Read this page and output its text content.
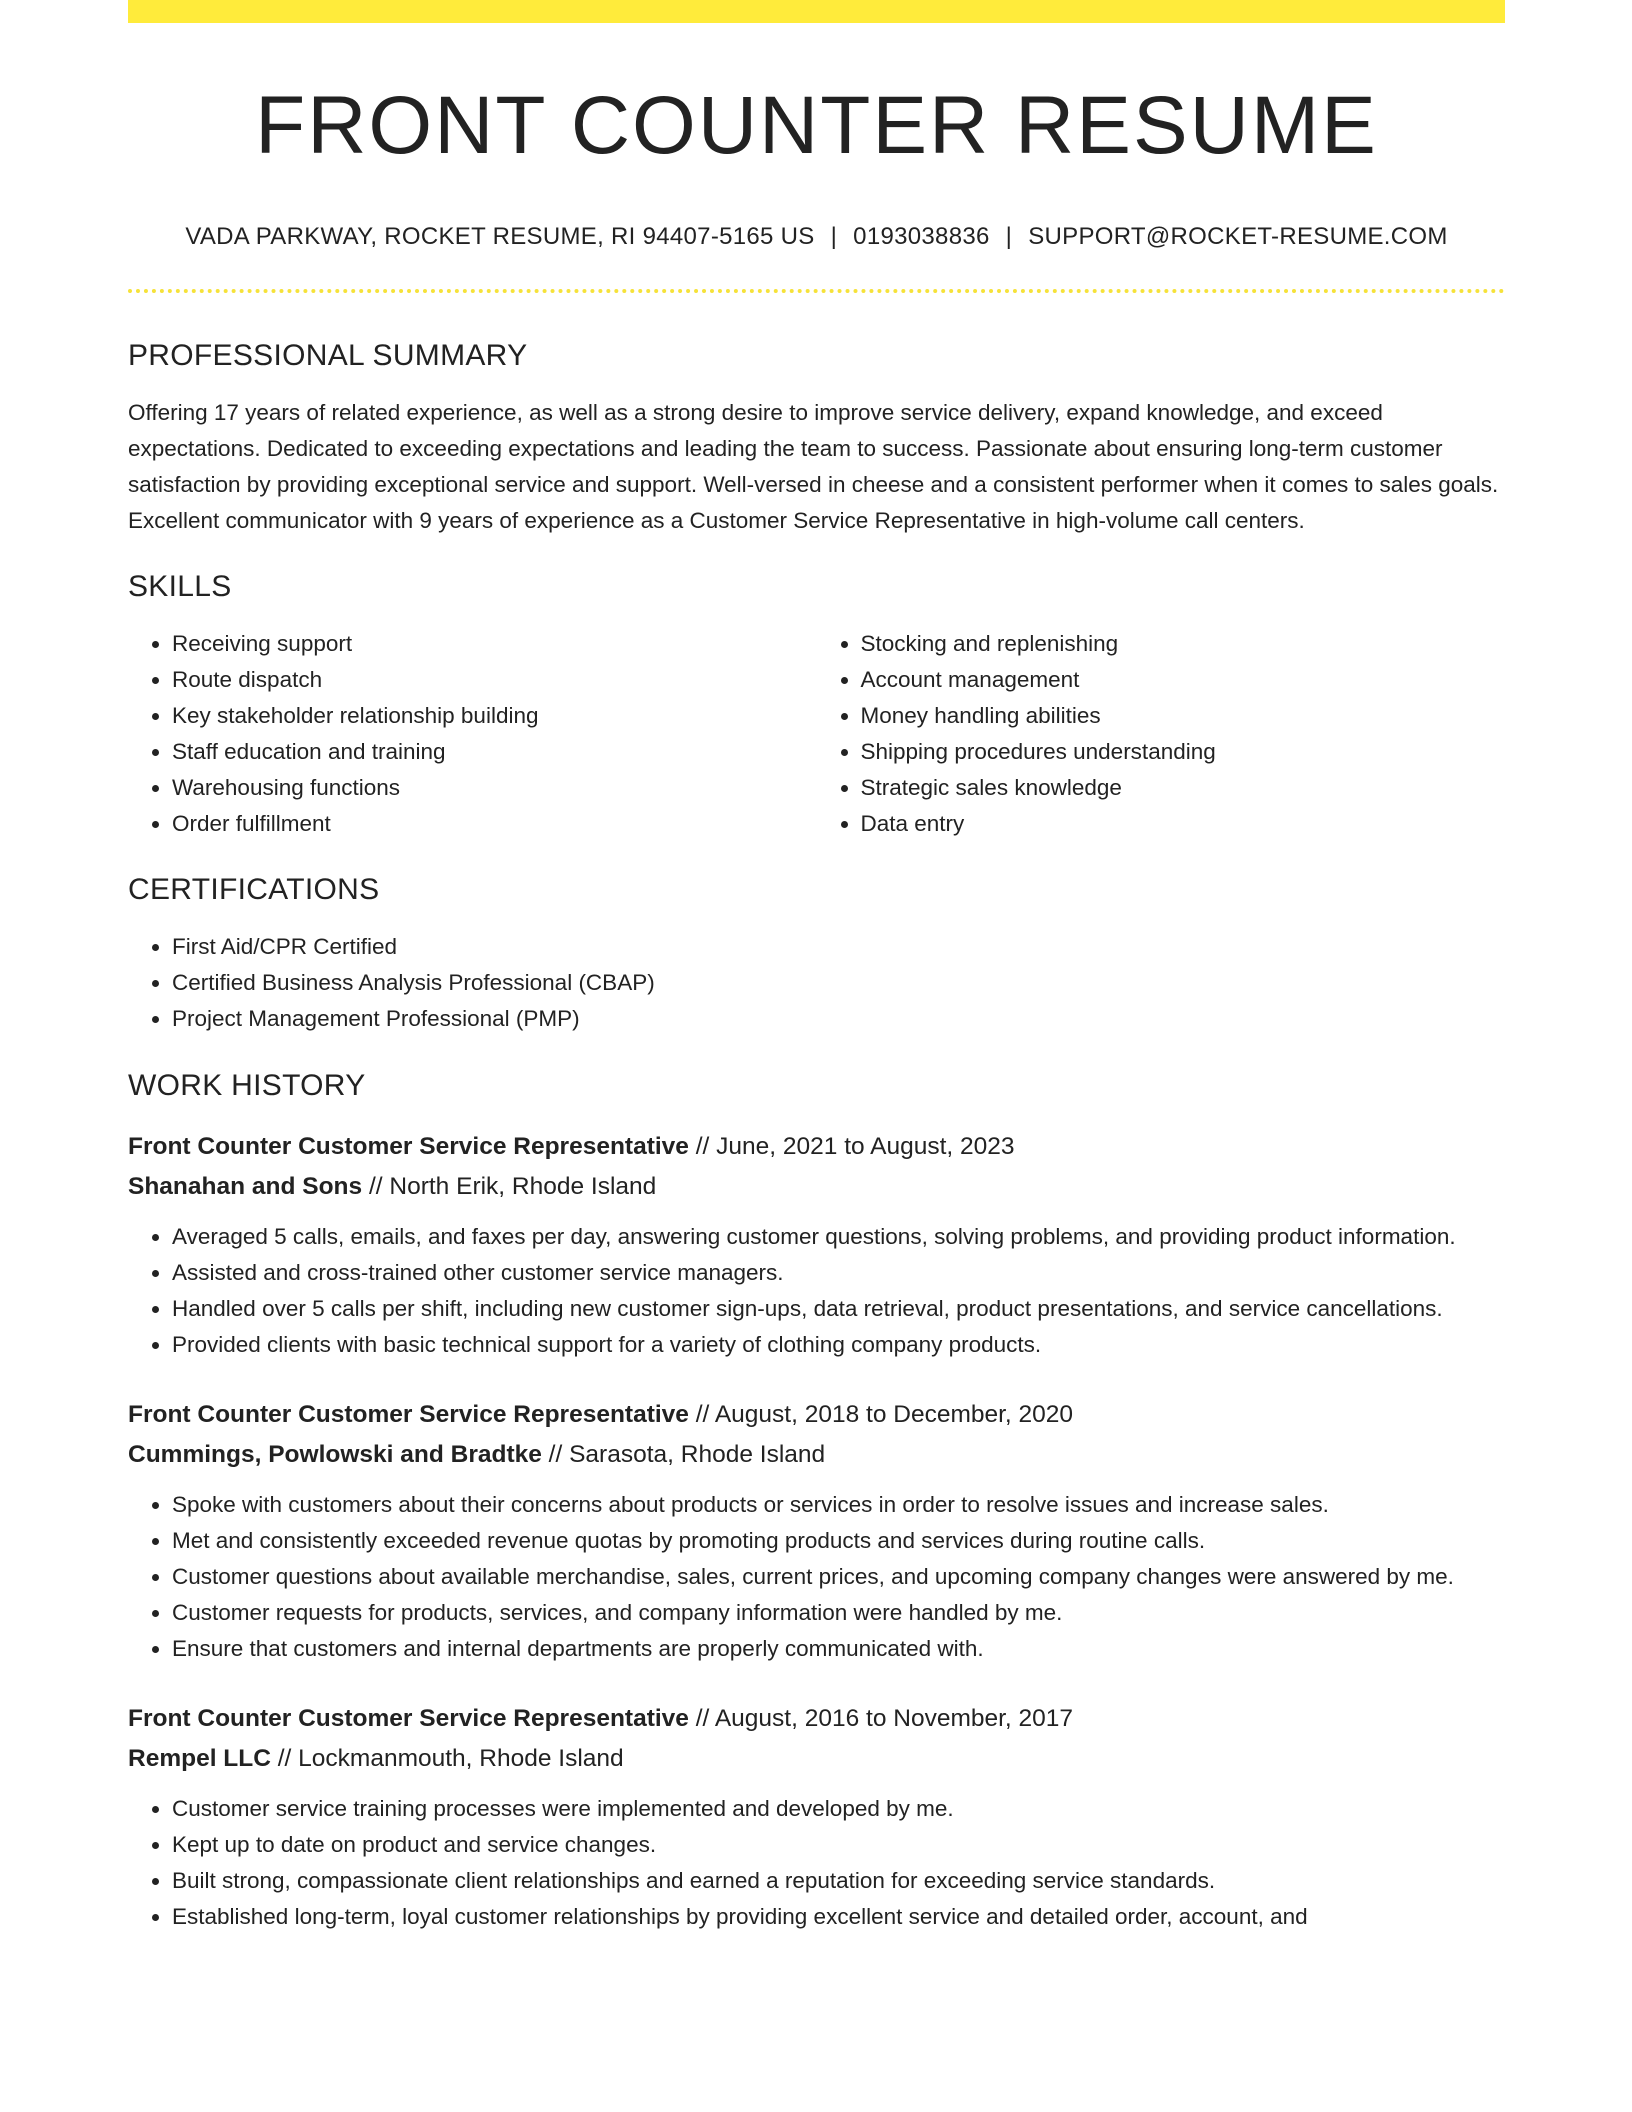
FRONT COUNTER RESUME
VADA PARKWAY, ROCKET RESUME, RI 94407-5165 US | 0193038836 | SUPPORT@ROCKET-RESUME.COM
PROFESSIONAL SUMMARY
Offering 17 years of related experience, as well as a strong desire to improve service delivery, expand knowledge, and exceed expectations. Dedicated to exceeding expectations and leading the team to success. Passionate about ensuring long-term customer satisfaction by providing exceptional service and support. Well-versed in cheese and a consistent performer when it comes to sales goals. Excellent communicator with 9 years of experience as a Customer Service Representative in high-volume call centers.
SKILLS
• Receiving support
• Route dispatch
• Key stakeholder relationship building
• Staff education and training
• Warehousing functions
• Order fulfillment
• Stocking and replenishing
• Account management
• Money handling abilities
• Shipping procedures understanding
• Strategic sales knowledge
• Data entry
CERTIFICATIONS
• First Aid/CPR Certified
• Certified Business Analysis Professional (CBAP)
• Project Management Professional (PMP)
WORK HISTORY
Front Counter Customer Service Representative // June, 2021 to August, 2023
Shanahan and Sons // North Erik, Rhode Island
• Averaged 5 calls, emails, and faxes per day, answering customer questions, solving problems, and providing product information.
• Assisted and cross-trained other customer service managers.
• Handled over 5 calls per shift, including new customer sign-ups, data retrieval, product presentations, and service cancellations.
• Provided clients with basic technical support for a variety of clothing company products.
Front Counter Customer Service Representative // August, 2018 to December, 2020
Cummings, Powlowski and Bradtke // Sarasota, Rhode Island
• Spoke with customers about their concerns about products or services in order to resolve issues and increase sales.
• Met and consistently exceeded revenue quotas by promoting products and services during routine calls.
• Customer questions about available merchandise, sales, current prices, and upcoming company changes were answered by me.
• Customer requests for products, services, and company information were handled by me.
• Ensure that customers and internal departments are properly communicated with.
Front Counter Customer Service Representative // August, 2016 to November, 2017
Rempel LLC // Lockmanmouth, Rhode Island
• Customer service training processes were implemented and developed by me.
• Kept up to date on product and service changes.
• Built strong, compassionate client relationships and earned a reputation for exceeding service standards.
• Established long-term, loyal customer relationships by providing excellent service and detailed order, account, and
